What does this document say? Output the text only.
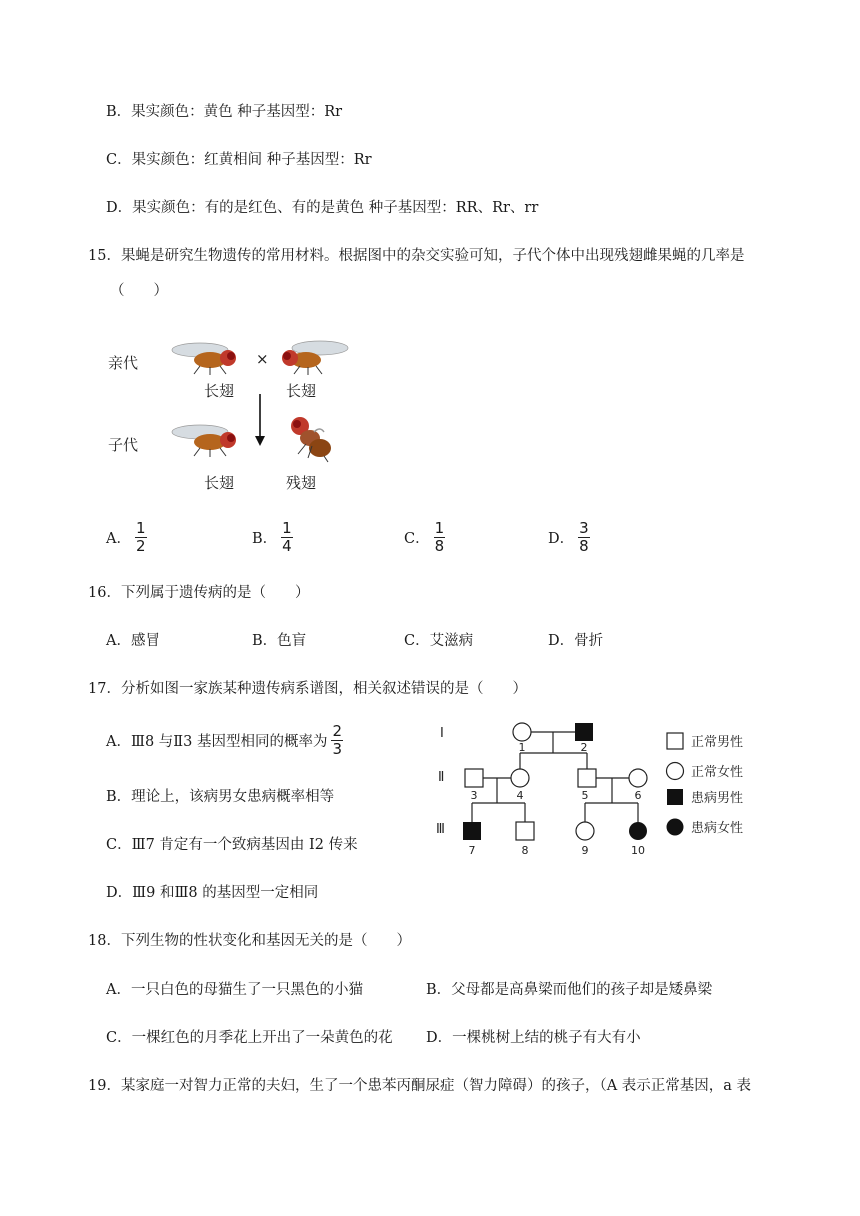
B．果实颜色：黄色 种子基因型：Rr
C．果实颜色：红黄相间 种子基因型：Rr
D．果实颜色：有的是红色、有的是黄色 种子基因型：RR、Rr、rr
15．果蝇是研究生物遗传的常用材料。根据图中的杂交实验可知，子代个体中出现残翅雌果蝇的几率是
（　　）
亲代
子代
×
长翅	长翅
长翅	残翅
A． $\frac{1}{2}$	B． $\frac{1}{4}$	C． $\frac{1}{8}$	D． $\frac{3}{8}$
16．下列属于遗传病的是（　　）
A．感冒	B．色盲	C．艾滋病	D．骨折
17．分析如图一家族某种遗传病系谱图，相关叙述错误的是（　　）
A．Ⅲ8 与Ⅱ3 基因型相同的概率为 $\frac{2}{3}$
B．理论上，该病男女患病概率相等
C．Ⅲ7 肯定有一个致病基因由 I2 传来
D．Ⅲ9 和Ⅲ8 的基因型一定相同
Ⅰ
Ⅱ
Ⅲ
1	2
3	4	5	6
7	8	9	10
正常男性
正常女性
患病男性
患病女性
18．下列生物的性状变化和基因无关的是（　　）
A．一只白色的母猫生了一只黑色的小猫	B．父母都是高鼻梁而他们的孩子却是矮鼻梁
C．一棵红色的月季花上开出了一朵黄色的花 D．一棵桃树上结的桃子有大有小
19．某家庭一对智力正常的夫妇，生了一个患苯丙酮尿症（智力障碍）的孩子，（A 表示正常基因，a 表
